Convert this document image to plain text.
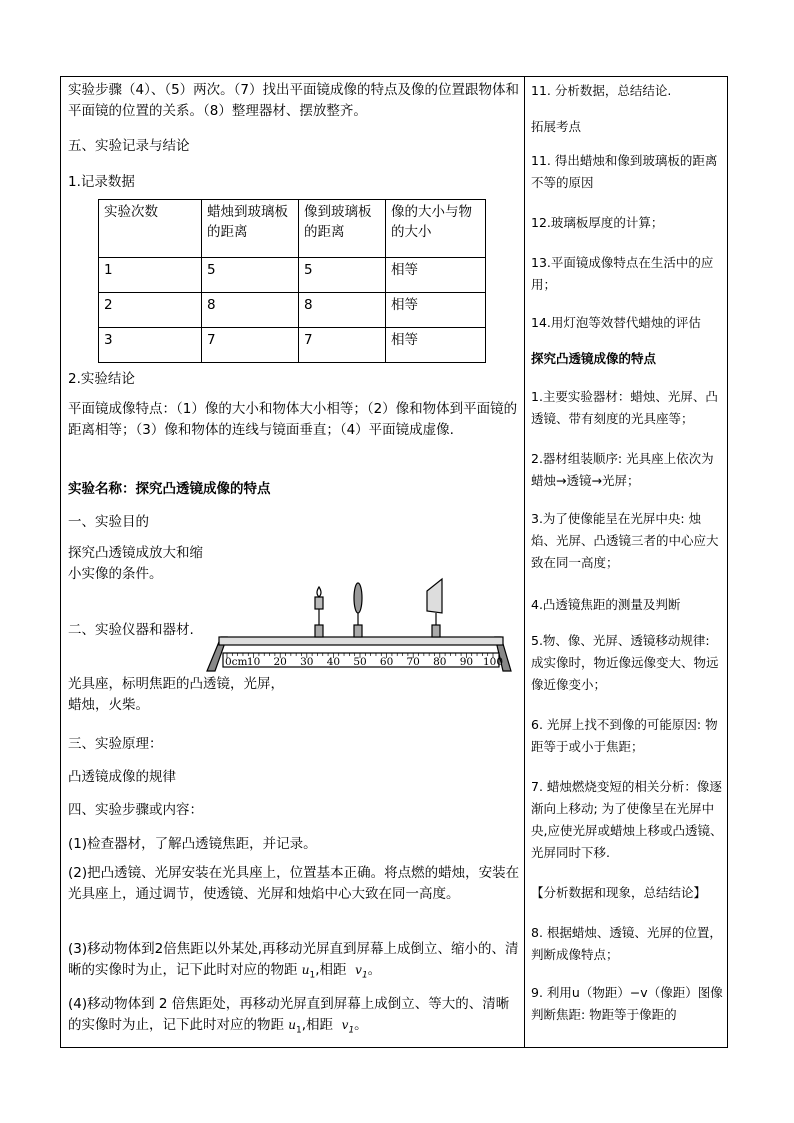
实验步骤（4）、（5）两次。（7）找出平面镜成像的特点及像的位置跟物体和平面镜的位置的关系。（8）整理器材、摆放整齐。

五、实验记录与结论

1.记录数据

实验次数	蜡烛到玻璃板的距离	像到玻璃板的距离	像的大小与物的大小
1	5	5	相等
2	8	8	相等
3	7	7	相等

2.实验结论

平面镜成像特点：（1）像的大小和物体大小相等；（2）像和物体到平面镜的距离相等；（3）像和物体的连线与镜面垂直；（4）平面镜成虚像.

实验名称：探究凸透镜成像的特点

一、实验目的

探究凸透镜成放大和缩小实像的条件。

二、实验仪器和器材.

光具座，标明焦距的凸透镜，光屏，蜡烛，火柴。

0cm 10 20 30 40 50 60 70 80 90 100

三、实验原理：

凸透镜成像的规律

四、实验步骤或内容：

(1)检查器材，了解凸透镜焦距，并记录。

(2)把凸透镜、光屏安装在光具座上，位置基本正确。将点燃的蜡烛，安装在光具座上，通过调节，使透镜、光屏和烛焰中心大致在同一高度。

(3)移动物体到2倍焦距以外某处,再移动光屏直到屏幕上成倒立、缩小的、清晰的实像时为止，记下此时对应的物距 $u_1$,相距 $v_1$。

(4)移动物体到 2 倍焦距处，再移动光屏直到屏幕上成倒立、等大的、清晰的实像时为止，记下此时对应的物距 $u_1$,相距 $v_1$。

11. 分析数据，总结结论.

拓展考点

11. 得出蜡烛和像到玻璃板的距离不等的原因

12.玻璃板厚度的计算；

13.平面镜成像特点在生活中的应用；

14.用灯泡等效替代蜡烛的评估

探究凸透镜成像的特点

1.主要实验器材：蜡烛、光屏、凸透镜、带有刻度的光具座等；

2.器材组装顺序: 光具座上依次为蜡烛→透镜→光屏；

3.为了使像能呈在光屏中央: 烛焰、光屏、凸透镜三者的中心应大致在同一高度；

4.凸透镜焦距的测量及判断

5.物、像、光屏、透镜移动规律: 成实像时，物近像远像变大、物远像近像变小；

6. 光屏上找不到像的可能原因: 物距等于或小于焦距；

7. 蜡烛燃烧变短的相关分析：像逐渐向上移动; 为了使像呈在光屏中央,应使光屏或蜡烛上移或凸透镜、光屏同时下移.

【分析数据和现象，总结结论】

8. 根据蜡烛、透镜、光屏的位置，判断成像特点；

9. 利用u（物距）−v（像距）图像判断焦距: 物距等于像距的
